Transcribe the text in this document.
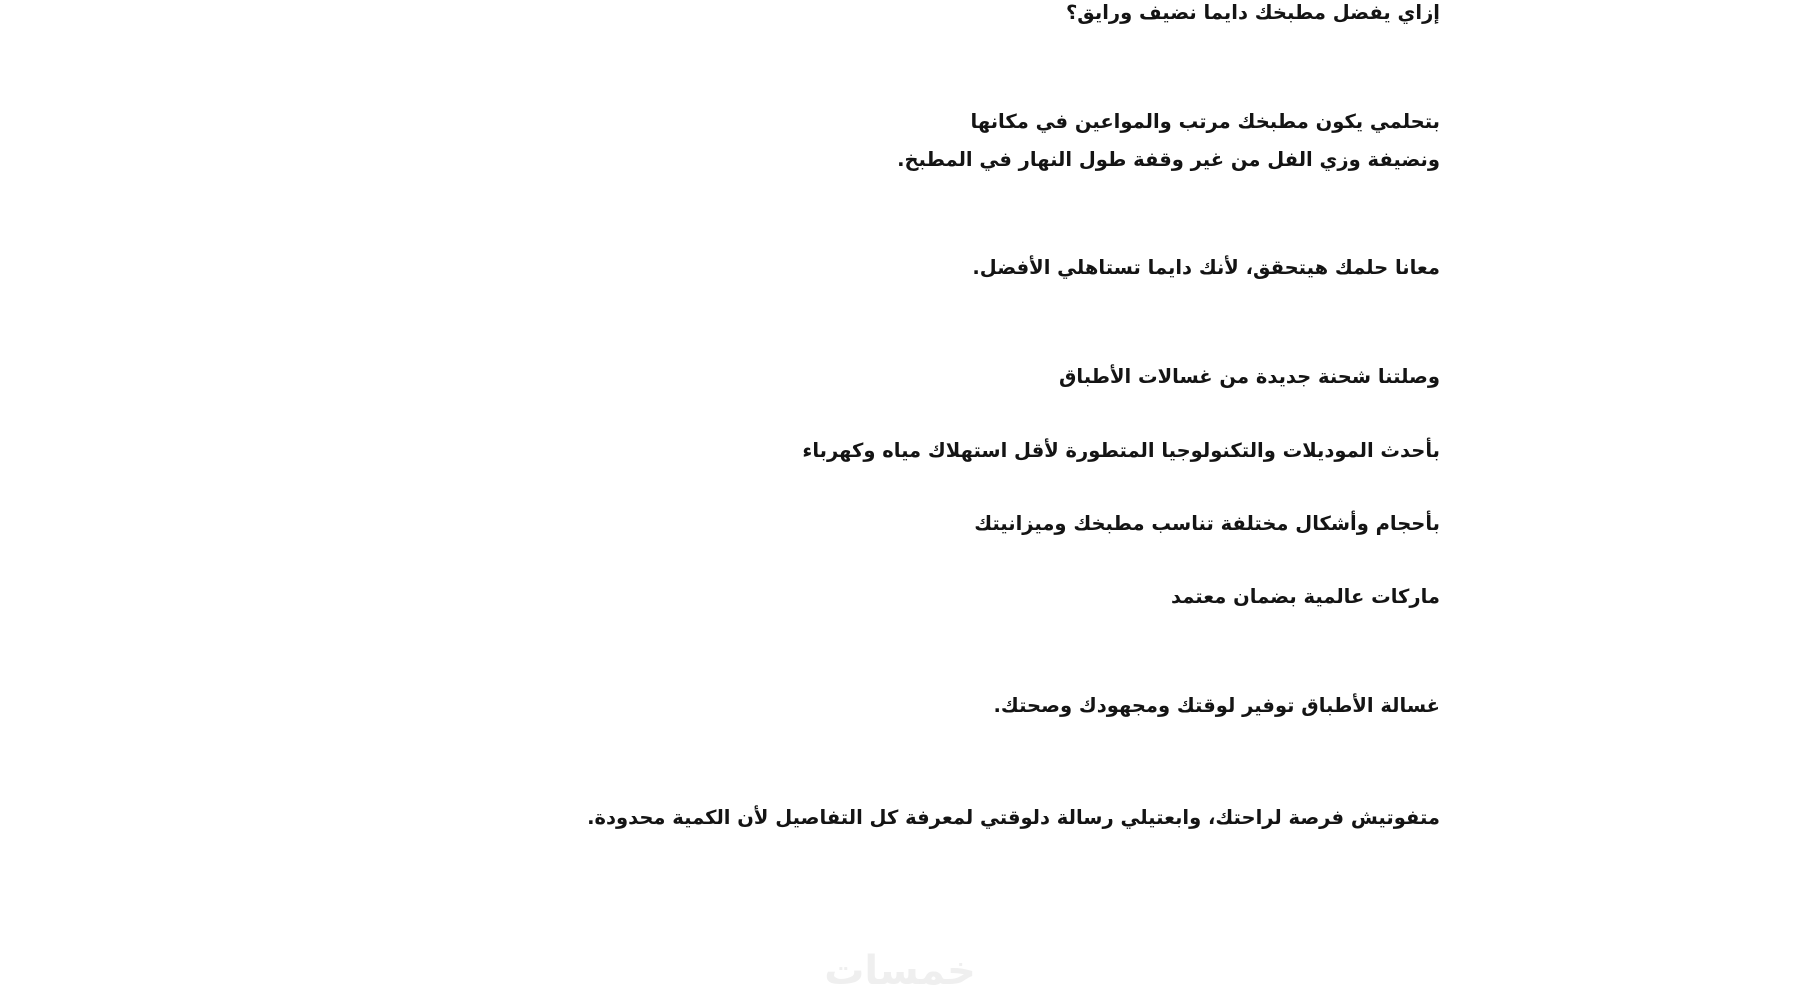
إزاي يفضل مطبخك دايما نضيف ورايق؟
بتحلمي يكون مطبخك مرتب والمواعين في مكانها
ونضيفة وزي الفل من غير وقفة طول النهار في المطبخ.
معانا حلمك هيتحقق، لأنك دايما تستاهلي الأفضل.
وصلتنا شحنة جديدة من غسالات الأطباق
بأحدث الموديلات والتكنولوجيا المتطورة لأقل استهلاك مياه وكهرباء
بأحجام وأشكال مختلفة تناسب مطبخك وميزانيتك
ماركات عالمية بضمان معتمد
غسالة الأطباق توفير لوقتك ومجهودك وصحتك.
متفوتيش فرصة لراحتك، وابعتيلي رسالة دلوقتي لمعرفة كل التفاصيل لأن الكمية محدودة.
خمسات
